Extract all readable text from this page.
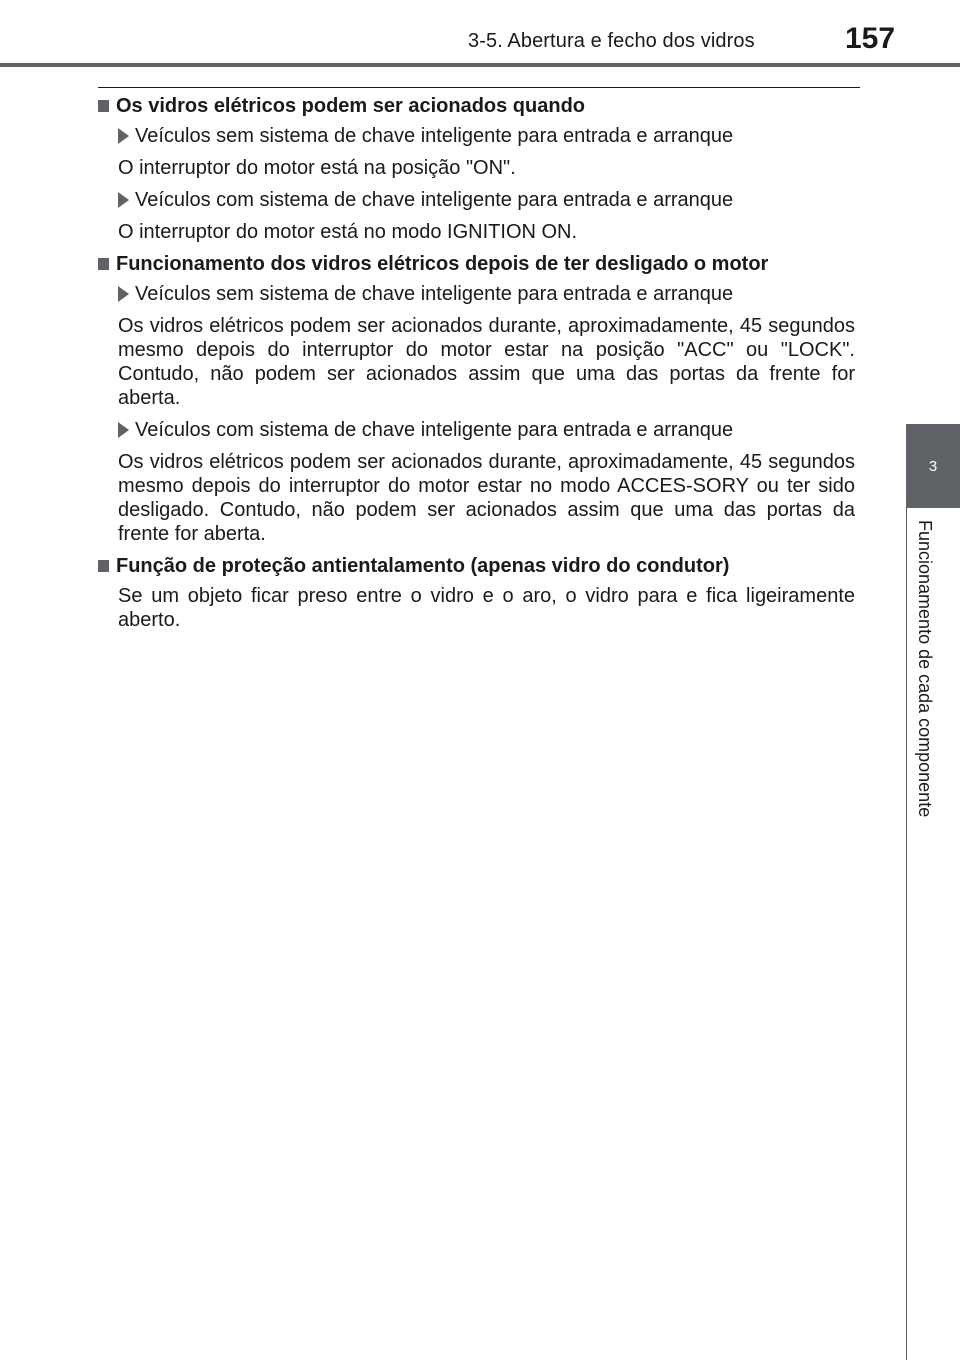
3-5. Abertura e fecho dos vidros	157
3
Funcionamento de cada componente
Os vidros elétricos podem ser acionados quando
Veículos sem sistema de chave inteligente para entrada e arranque
O interruptor do motor está na posição "ON".
Veículos com sistema de chave inteligente para entrada e arranque
O interruptor do motor está no modo IGNITION ON.
Funcionamento dos vidros elétricos depois de ter desligado o motor
Veículos sem sistema de chave inteligente para entrada e arranque
Os vidros elétricos podem ser acionados durante, aproximadamente, 45 segundos mesmo depois do interruptor do motor estar na posição "ACC" ou "LOCK". Contudo, não podem ser acionados assim que uma das portas da frente for aberta.
Veículos com sistema de chave inteligente para entrada e arranque
Os vidros elétricos podem ser acionados durante, aproximadamente, 45 segundos mesmo depois do interruptor do motor estar no modo ACCES-SORY ou ter sido desligado. Contudo, não podem ser acionados assim que uma das portas da frente for aberta.
Função de proteção antientalamento (apenas vidro do condutor)
Se um objeto ficar preso entre o vidro e o aro, o vidro para e fica ligeiramente aberto.
